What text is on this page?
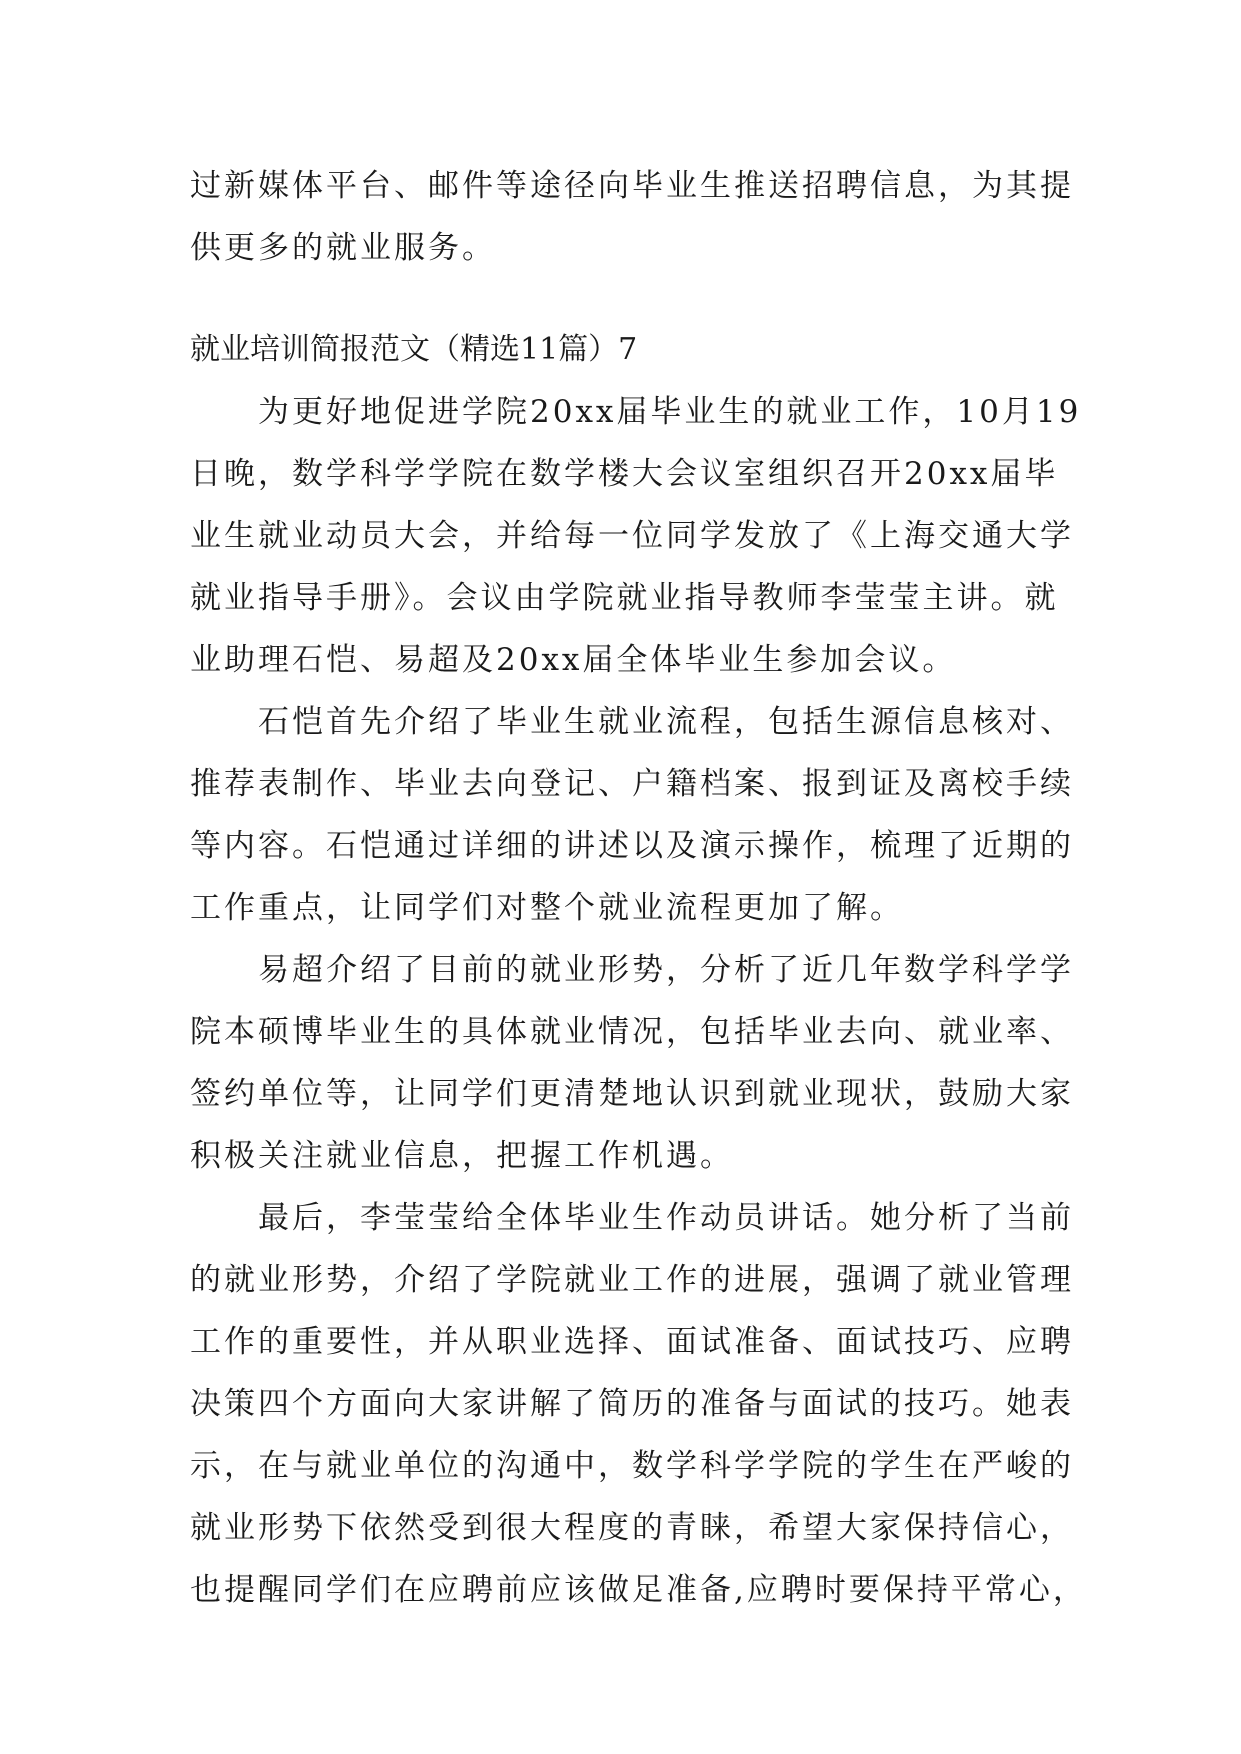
过新媒体平台、邮件等途径向毕业生推送招聘信息，为其提
供更多的就业服务。
就业培训简报范文（精选11篇）7
　　为更好地促进学院20xx届毕业生的就业工作，10月19
日晚，数学科学学院在数学楼大会议室组织召开20xx届毕
业生就业动员大会，并给每一位同学发放了《上海交通大学
就业指导手册》。会议由学院就业指导教师李莹莹主讲。就
业助理石恺、易超及20xx届全体毕业生参加会议。
　　石恺首先介绍了毕业生就业流程，包括生源信息核对、
推荐表制作、毕业去向登记、户籍档案、报到证及离校手续
等内容。石恺通过详细的讲述以及演示操作，梳理了近期的
工作重点，让同学们对整个就业流程更加了解。
　　易超介绍了目前的就业形势，分析了近几年数学科学学
院本硕博毕业生的具体就业情况，包括毕业去向、就业率、
签约单位等，让同学们更清楚地认识到就业现状，鼓励大家
积极关注就业信息，把握工作机遇。
　　最后，李莹莹给全体毕业生作动员讲话。她分析了当前
的就业形势，介绍了学院就业工作的进展，强调了就业管理
工作的重要性，并从职业选择、面试准备、面试技巧、应聘
决策四个方面向大家讲解了简历的准备与面试的技巧。她表
示，在与就业单位的沟通中，数学科学学院的学生在严峻的
就业形势下依然受到很大程度的青睐，希望大家保持信心，
也提醒同学们在应聘前应该做足准备,应聘时要保持平常心，
